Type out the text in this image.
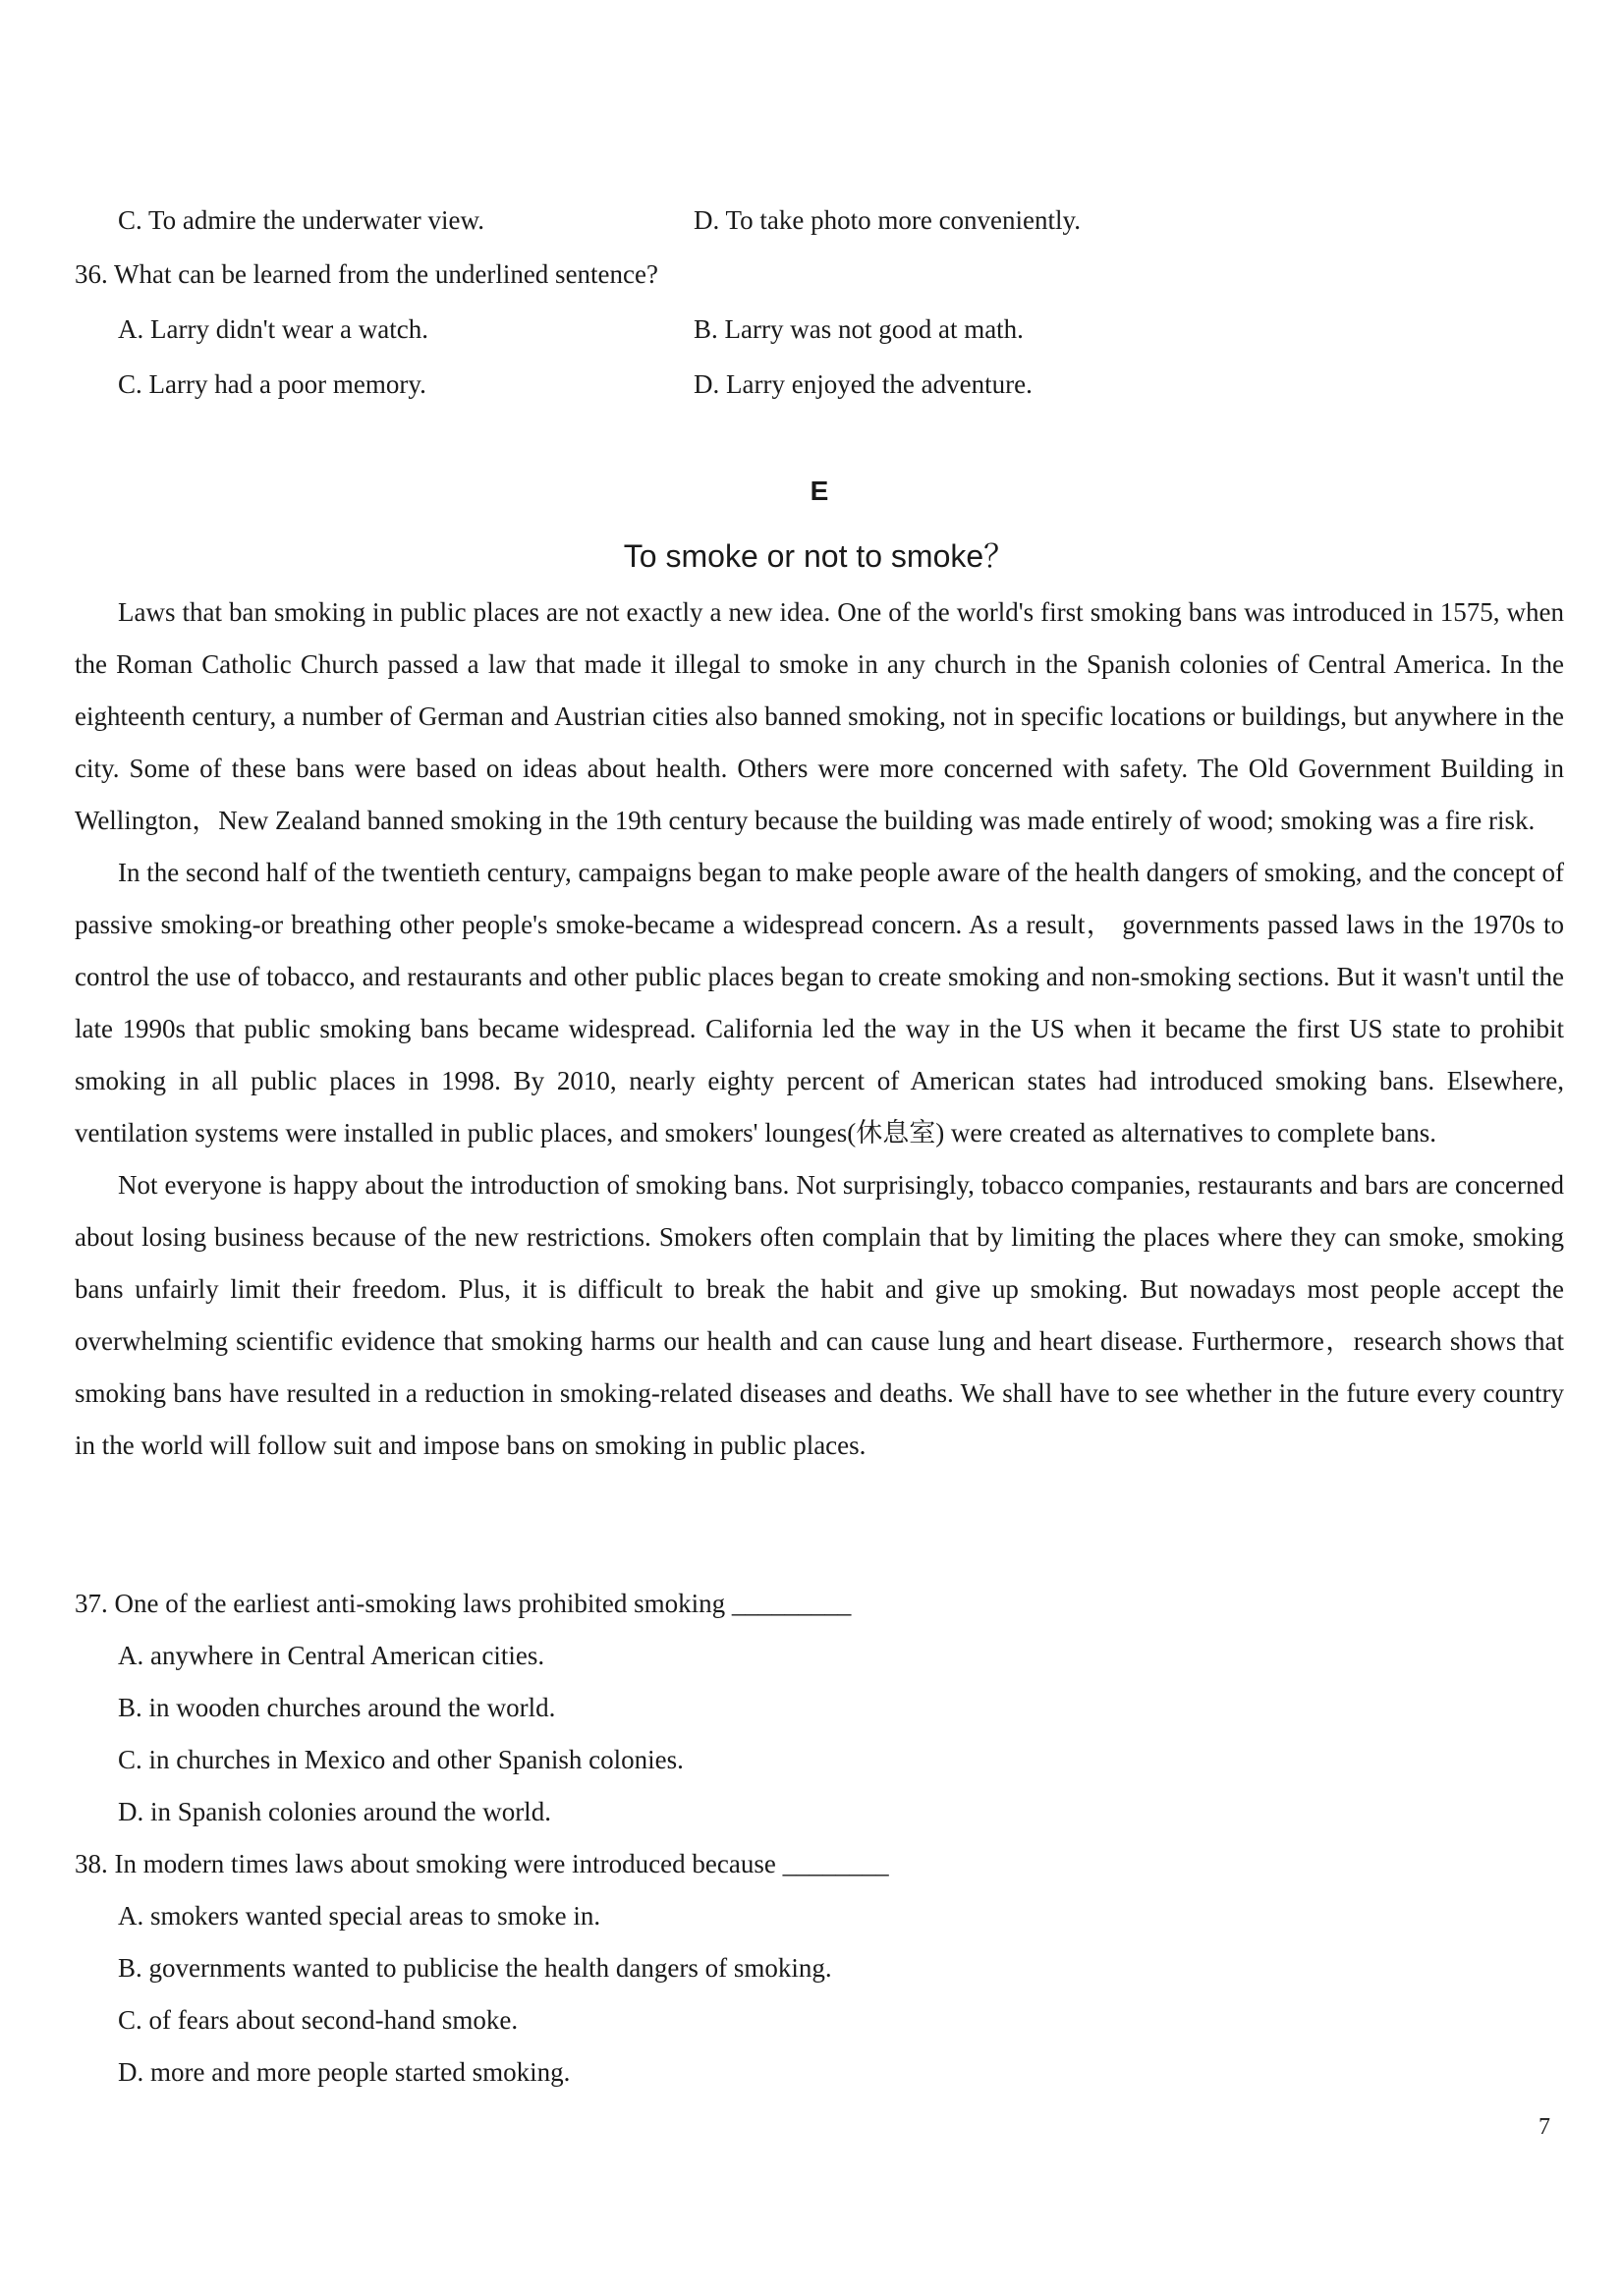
C. To admire the underwater view.	D. To take photo more conveniently.
36. What can be learned from the underlined sentence?
A. Larry didn't wear a watch.	B. Larry was not good at math.
C. Larry had a poor memory.	D. Larry enjoyed the adventure.
E
To smoke or not to smoke？

Laws that ban smoking in public places are not exactly a new idea. One of the world's first smoking bans was introduced in 1575, when the Roman Catholic Church passed a law that made it illegal to smoke in any church in the Spanish colonies of Central America. In the eighteenth century, a number of German and Austrian cities also banned smoking, not in specific locations or buildings, but anywhere in the city. Some of these bans were based on ideas about health. Others were more concerned with safety. The Old Government Building in Wellington，New Zealand banned smoking in the 19th century because the building was made entirely of wood; smoking was a fire risk.

In the second half of the twentieth century, campaigns began to make people aware of the health dangers of smoking, and the concept of passive smoking-or breathing other people's smoke-became a widespread concern. As a result， governments passed laws in the 1970s to control the use of tobacco, and restaurants and other public places began to create smoking and non-smoking sections. But it wasn't until the late 1990s that public smoking bans became widespread. California led the way in the US when it became the first US state to prohibit smoking in all public places in 1998. By 2010, nearly eighty percent of American states had introduced smoking bans. Elsewhere, ventilation systems were installed in public places, and smokers' lounges(休息室) were created as alternatives to complete bans.

Not everyone is happy about the introduction of smoking bans. Not surprisingly, tobacco companies, restaurants and bars are concerned about losing business because of the new restrictions. Smokers often complain that by limiting the places where they can smoke, smoking bans unfairly limit their freedom. Plus, it is difficult to break the habit and give up smoking. But nowadays most people accept the overwhelming scientific evidence that smoking harms our health and can cause lung and heart disease. Furthermore，research shows that smoking bans have resulted in a reduction in smoking-related diseases and deaths. We shall have to see whether in the future every country in the world will follow suit and impose bans on smoking in public places.

37. One of the earliest anti-smoking laws prohibited smoking _________
A. anywhere in Central American cities.
B. in wooden churches around the world.
C. in churches in Mexico and other Spanish colonies.
D. in Spanish colonies around the world.
38. In modern times laws about smoking were introduced because ________
A. smokers wanted special areas to smoke in.
B. governments wanted to publicise the health dangers of smoking.
C. of fears about second-hand smoke.
D. more and more people started smoking.
7
